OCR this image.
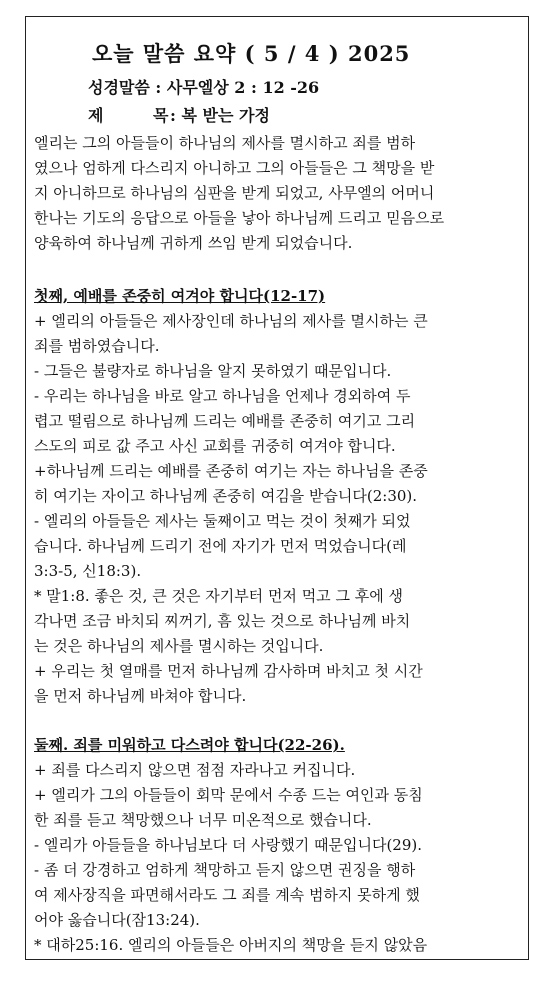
오늘 말씀 요약 ( 5 / 4 ) 2025
성경말씀 : 사무엘상 2 : 12 -26
제 목: 복 받는 가정
엘리는 그의 아들들이 하나님의 제사를 멸시하고 죄를 범하
였으나 엄하게 다스리지 아니하고 그의 아들들은 그 책망을 받
지 아니하므로 하나님의 심판을 받게 되었고, 사무엘의 어머니
한나는 기도의 응답으로 아들을 낳아 하나님께 드리고 믿음으로
양육하여 하나님께 귀하게 쓰임 받게 되었습니다.
첫째, 예배를 존중히 여겨야 합니다(12-17)
+ 엘리의 아들들은 제사장인데 하나님의 제사를 멸시하는 큰
죄를 범하였습니다.
- 그들은 불량자로 하나님을 알지 못하였기 때문입니다.
- 우리는 하나님을 바로 알고 하나님을 언제나 경외하여 두
렵고 떨림으로 하나님께 드리는 예배를 존중히 여기고 그리
스도의 피로 값 주고 사신 교회를 귀중히 여겨야 합니다.
+하나님께 드리는 예배를 존중히 여기는 자는 하나님을 존중
히 여기는 자이고 하나님께 존중히 여김을 받습니다(2:30).
- 엘리의 아들들은 제사는 둘째이고 먹는 것이 첫째가 되었
습니다. 하나님께 드리기 전에 자기가 먼저 먹었습니다(레
3:3-5, 신18:3).
* 말1:8. 좋은 것, 큰 것은 자기부터 먼저 먹고 그 후에 생
각나면 조금 바치되 찌꺼기, 흠 있는 것으로 하나님께 바치
는 것은 하나님의 제사를 멸시하는 것입니다.
+ 우리는 첫 열매를 먼저 하나님께 감사하며 바치고 첫 시간
을 먼저 하나님께 바쳐야 합니다.
둘째. 죄를 미워하고 다스려야 합니다(22-26).
+ 죄를 다스리지 않으면 점점 자라나고 커집니다.
+ 엘리가 그의 아들들이 회막 문에서 수종 드는 여인과 동침
한 죄를 듣고 책망했으나 너무 미온적으로 했습니다.
- 엘리가 아들들을 하나님보다 더 사랑했기 때문입니다(29).
- 좀 더 강경하고 엄하게 책망하고 듣지 않으면 권징을 행하
여 제사장직을 파면해서라도 그 죄를 계속 범하지 못하게 했
어야 옳습니다(잠13:24).
* 대하25:16. 엘리의 아들들은 아버지의 책망을 듣지 않았음
